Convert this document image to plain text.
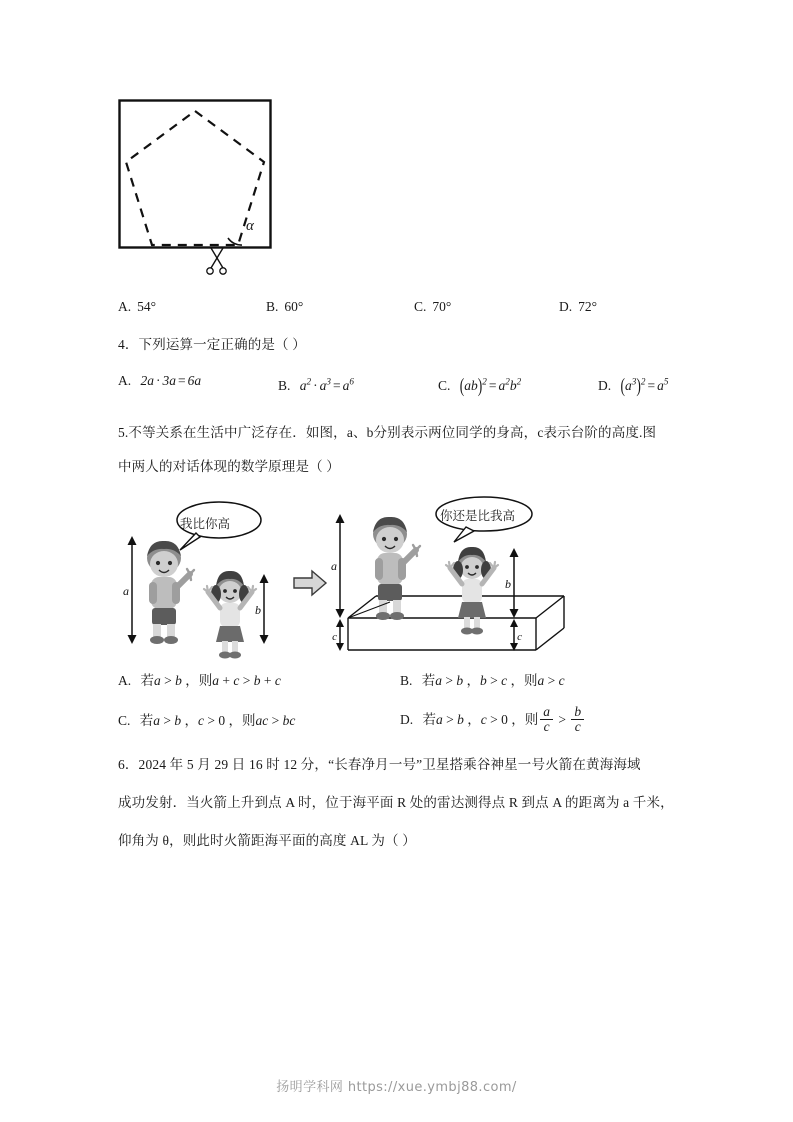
α
A. 54°	B. 60°	C. 70°	D. 72°
4．下列运算一定正确的是（ ）
A. 2a · 3a = 6a	B. $a^2 \cdot a^3 = a^6$	C. $(ab)^2 = a^2b^2$	D. $(a^3)^2 = a^5$
5.不等关系在生活中广泛存在．如图，a、b分别表示两位同学的身高，c表示台阶的高度.图
中两人的对话体现的数学原理是（ ）
a
b
a
c
b
c
我比你高
你还是比我高
A. 若a > b ，则a + c > b + c	B. 若a > b ，b > c ，则a > c
C. 若a > b ，c > 0 ，则ac > bc	D. 若a > b ，c > 0 ，则 $\frac{a}{c} > \frac{b}{c}$
6．2024 年 5 月 29 日 16 时 12 分，“长春净月一号”卫星搭乘谷神星一号火箭在黄海海域
成功发射．当火箭上升到点 A 时，位于海平面 R 处的雷达测得点 R 到点 A 的距离为 a 千米，
仰角为 θ，则此时火箭距海平面的高度 AL 为（ ）
扬明学科网 https://xue.ymbj88.com/
